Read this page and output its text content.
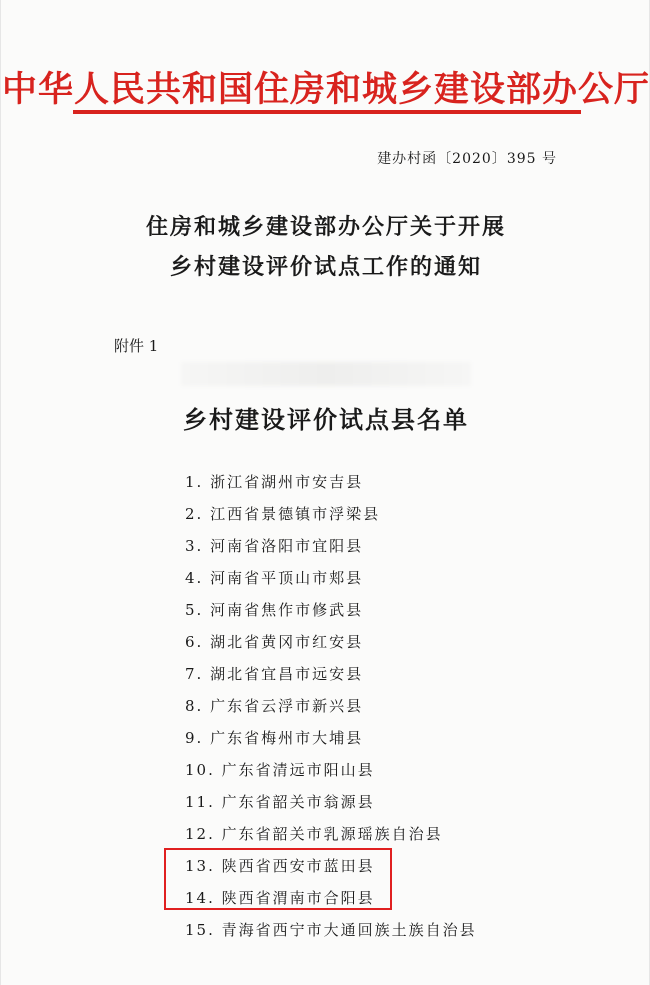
中华人民共和国住房和城乡建设部办公厅
建办村函〔2020〕395 号
住房和城乡建设部办公厅关于开展
乡村建设评价试点工作的通知
附件 1
乡村建设评价试点县名单
1. 浙江省湖州市安吉县
2. 江西省景德镇市浮梁县
3. 河南省洛阳市宜阳县
4. 河南省平顶山市郏县
5. 河南省焦作市修武县
6. 湖北省黄冈市红安县
7. 湖北省宜昌市远安县
8. 广东省云浮市新兴县
9. 广东省梅州市大埔县
10. 广东省清远市阳山县
11. 广东省韶关市翁源县
12. 广东省韶关市乳源瑶族自治县
13. 陕西省西安市蓝田县
14. 陕西省渭南市合阳县
15. 青海省西宁市大通回族土族自治县
